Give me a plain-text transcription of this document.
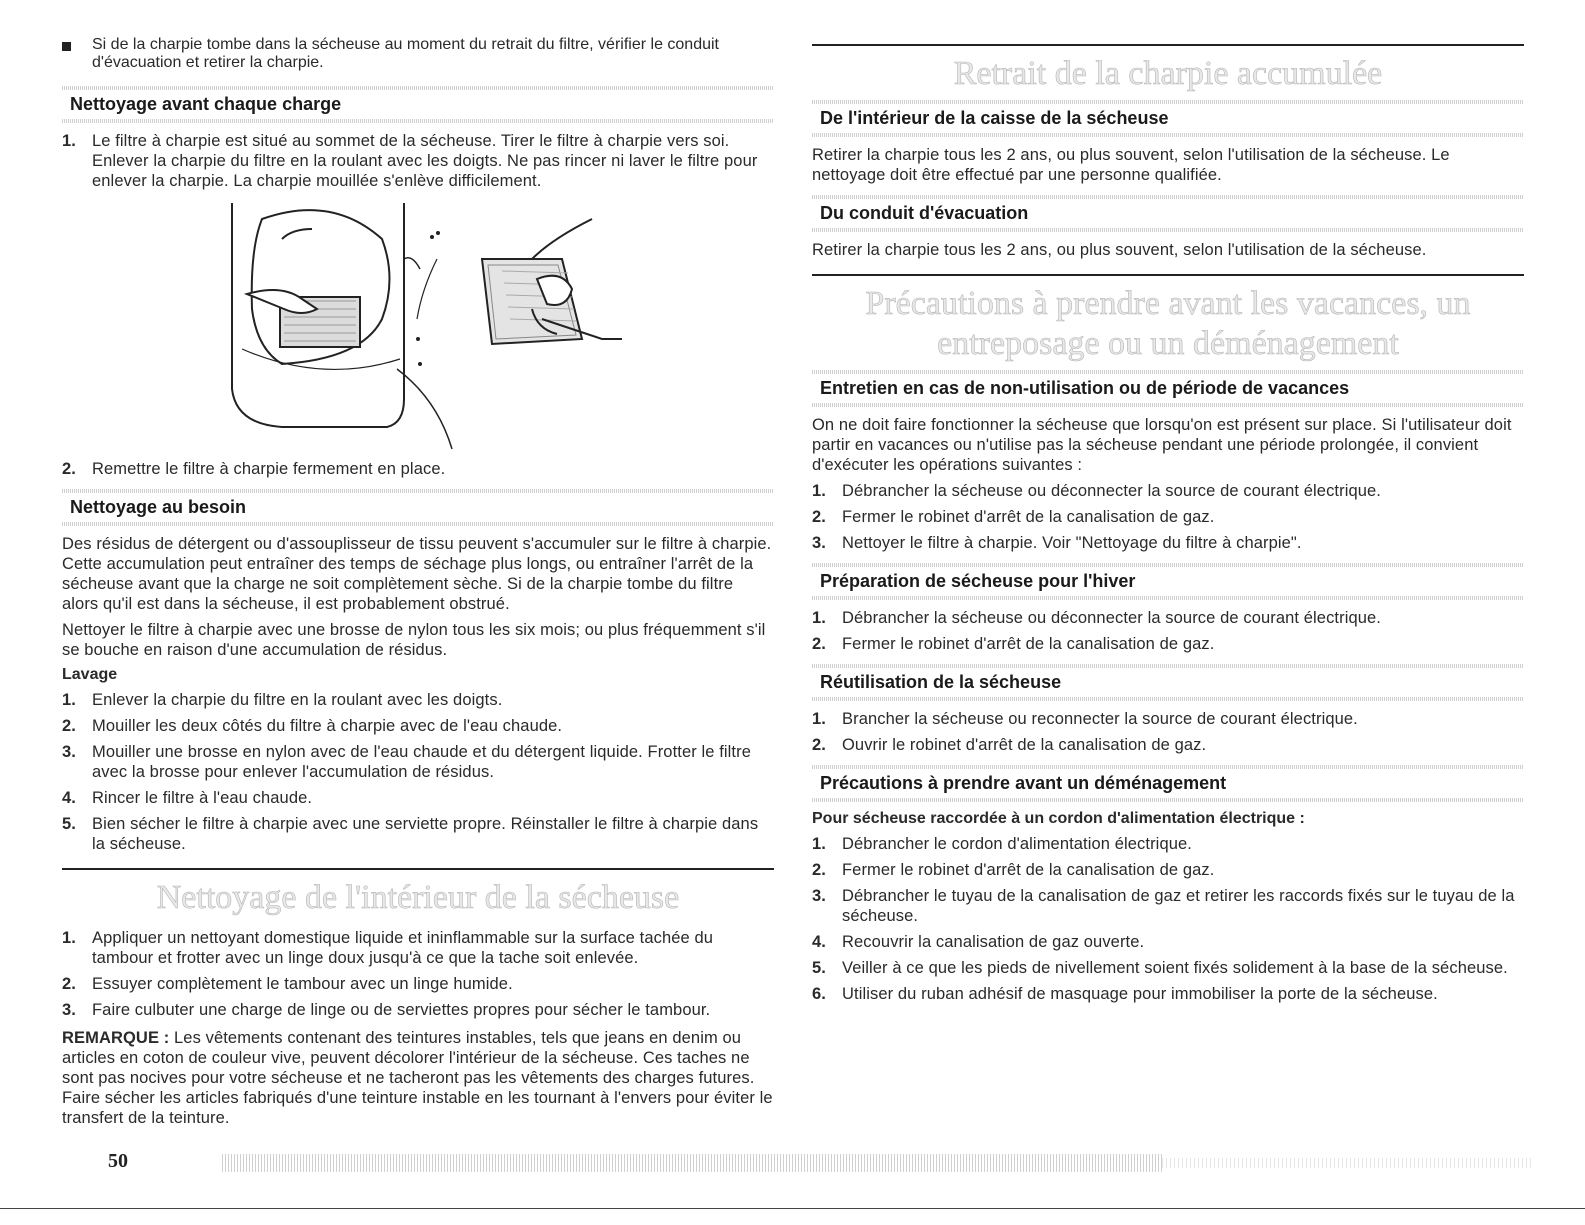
Si de la charpie tombe dans la sécheuse au moment du retrait du filtre, vérifier le conduit d'évacuation et retirer la charpie.
Nettoyage avant chaque charge
1. Le filtre à charpie est situé au sommet de la sécheuse. Tirer le filtre à charpie vers soi. Enlever la charpie du filtre en la roulant avec les doigts. Ne pas rincer ni laver le filtre pour enlever la charpie. La charpie mouillée s'enlève difficilement.
2. Remettre le filtre à charpie fermement en place.
Nettoyage au besoin

Des résidus de détergent ou d'assouplisseur de tissu peuvent s'accumuler sur le filtre à charpie. Cette accumulation peut entraîner des temps de séchage plus longs, ou entraîner l'arrêt de la sécheuse avant que la charge ne soit complètement sèche. Si de la charpie tombe du filtre alors qu'il est dans la sécheuse, il est probablement obstrué.

Nettoyer le filtre à charpie avec une brosse de nylon tous les six mois; ou plus fréquemment s'il se bouche en raison d'une accumulation de résidus.

Lavage
1. Enlever la charpie du filtre en la roulant avec les doigts.
2. Mouiller les deux côtés du filtre à charpie avec de l'eau chaude.
3. Mouiller une brosse en nylon avec de l'eau chaude et du détergent liquide. Frotter le filtre avec la brosse pour enlever l'accumulation de résidus.
4. Rincer le filtre à l'eau chaude.
5. Bien sécher le filtre à charpie avec une serviette propre. Réinstaller le filtre à charpie dans la sécheuse.
Nettoyage de l'intérieur de la sécheuse
1. Appliquer un nettoyant domestique liquide et ininflammable sur la surface tachée du tambour et frotter avec un linge doux jusqu'à ce que la tache soit enlevée.
2. Essuyer complètement le tambour avec un linge humide.
3. Faire culbuter une charge de linge ou de serviettes propres pour sécher le tambour.

REMARQUE : Les vêtements contenant des teintures instables, tels que jeans en denim ou articles en coton de couleur vive, peuvent décolorer l'intérieur de la sécheuse. Ces taches ne sont pas nocives pour votre sécheuse et ne tacheront pas les vêtements des charges futures. Faire sécher les articles fabriqués d'une teinture instable en les tournant à l'envers pour éviter le transfert de la teinture.

Retrait de la charpie accumulée
De l'intérieur de la caisse de la sécheuse

Retirer la charpie tous les 2 ans, ou plus souvent, selon l'utilisation de la sécheuse. Le nettoyage doit être effectué par une personne qualifiée.

Du conduit d'évacuation

Retirer la charpie tous les 2 ans, ou plus souvent, selon l'utilisation de la sécheuse.

Précautions à prendre avant les vacances, un entreposage ou un déménagement
Entretien en cas de non-utilisation ou de période de vacances

On ne doit faire fonctionner la sécheuse que lorsqu'on est présent sur place. Si l'utilisateur doit partir en vacances ou n'utilise pas la sécheuse pendant une période prolongée, il convient d'exécuter les opérations suivantes :

1. Débrancher la sécheuse ou déconnecter la source de courant électrique.
2. Fermer le robinet d'arrêt de la canalisation de gaz.
3. Nettoyer le filtre à charpie. Voir "Nettoyage du filtre à charpie".
Préparation de sécheuse pour l'hiver
1. Débrancher la sécheuse ou déconnecter la source de courant électrique.
2. Fermer le robinet d'arrêt de la canalisation de gaz.
Réutilisation de la sécheuse
1. Brancher la sécheuse ou reconnecter la source de courant électrique.
2. Ouvrir le robinet d'arrêt de la canalisation de gaz.
Précautions à prendre avant un déménagement
Pour sécheuse raccordée à un cordon d'alimentation électrique :
1. Débrancher le cordon d'alimentation électrique.
2. Fermer le robinet d'arrêt de la canalisation de gaz.
3. Débrancher le tuyau de la canalisation de gaz et retirer les raccords fixés sur le tuyau de la sécheuse.
4. Recouvrir la canalisation de gaz ouverte.
5. Veiller à ce que les pieds de nivellement soient fixés solidement à la base de la sécheuse.
6. Utiliser du ruban adhésif de masquage pour immobiliser la porte de la sécheuse.
50
